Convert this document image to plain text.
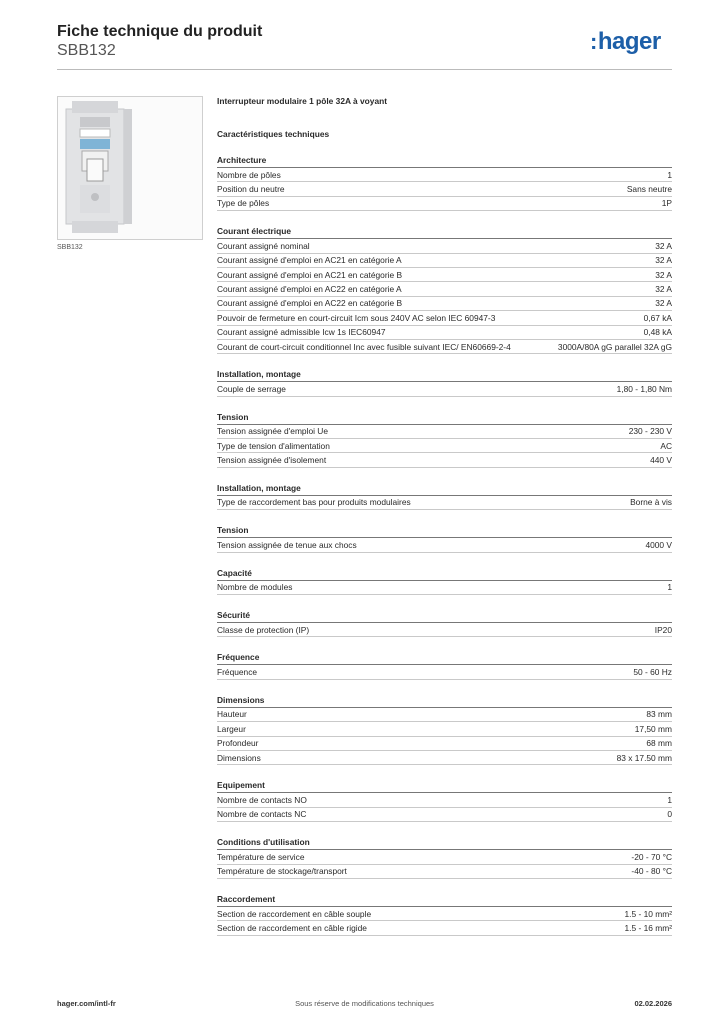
Fiche technique du produit
SBB132	:hager
SBB132
Interrupteur modulaire 1 pôle 32A à voyant
Caractéristiques techniques
Architecture
Nombre de pôles	1
Position du neutre	Sans neutre
Type de pôles	1P
Courant électrique
Courant assigné nominal	32 A
Courant assigné d'emploi en AC21 en catégorie A	32 A
Courant assigné d'emploi en AC21 en catégorie B	32 A
Courant assigné d'emploi en AC22 en catégorie A	32 A
Courant assigné d'emploi en AC22 en catégorie B	32 A
Pouvoir de fermeture en court-circuit Icm sous 240V AC selon IEC 60947-3	0,67 kA
Courant assigné admissible Icw 1s IEC60947	0,48 kA
Courant de court-circuit conditionnel Inc avec fusible suivant IEC/ EN60669-2-4	3000A/80A gG parallel 32A gG
Installation, montage
Couple de serrage	1,80 - 1,80 Nm
Tension
Tension assignée d'emploi Ue	230 - 230 V
Type de tension d'alimentation	AC
Tension assignée d'isolement	440 V
Installation, montage
Type de raccordement bas pour produits modulaires	Borne à vis
Tension
Tension assignée de tenue aux chocs	4000 V
Capacité
Nombre de modules	1
Sécurité
Classe de protection (IP)	IP20
Fréquence
Fréquence	50 - 60 Hz
Dimensions
Hauteur	83 mm
Largeur	17,50 mm
Profondeur	68 mm
Dimensions	83 x 17.50 mm
Equipement
Nombre de contacts NO	1
Nombre de contacts NC	0
Conditions d'utilisation
Température de service	-20 - 70 °C
Température de stockage/transport	-40 - 80 °C
Raccordement
Section de raccordement en câble souple	1.5 - 10 mm²
Section de raccordement en câble rigide	1.5 - 16 mm²
Sous réserve de modifications techniques
hager.com/intl-fr	02.02.2026
